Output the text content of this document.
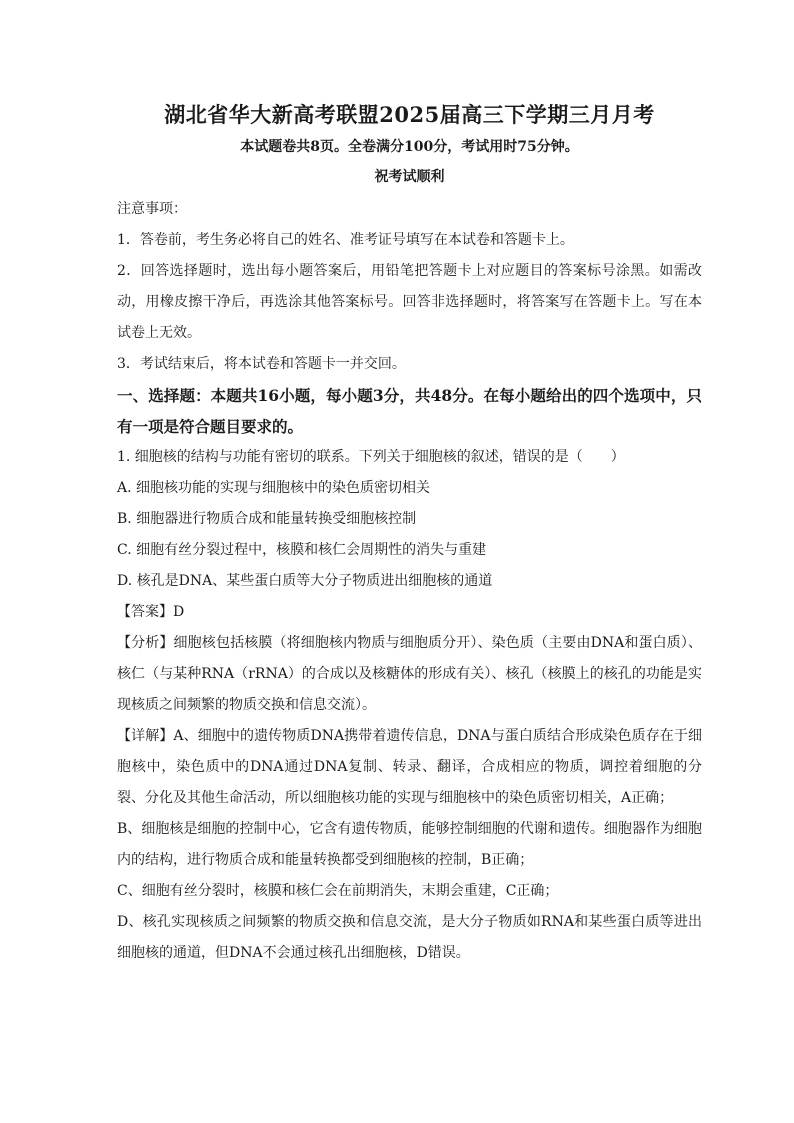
湖北省华大新高考联盟2025届高三下学期三月月考
本试题卷共8页。全卷满分100分，考试用时75分钟。
祝考试顺利

注意事项：

1．答卷前，考生务必将自己的姓名、准考证号填写在本试卷和答题卡上。

2．回答选择题时，选出每小题答案后，用铅笔把答题卡上对应题目的答案标号涂黑。如需改动，用橡皮擦干净后，再选涂其他答案标号。回答非选择题时，将答案写在答题卡上。写在本试卷上无效。

3．考试结束后，将本试卷和答题卡一并交回。

一、选择题：本题共16小题，每小题3分，共48分。在每小题给出的四个选项中，只有一项是符合题目要求的。

1. 细胞核的结构与功能有密切的联系。下列关于细胞核的叙述，错误的是（　　）

A. 细胞核功能的实现与细胞核中的染色质密切相关

B. 细胞器进行物质合成和能量转换受细胞核控制

C. 细胞有丝分裂过程中，核膜和核仁会周期性的消失与重建

D. 核孔是DNA、某些蛋白质等大分子物质进出细胞核的通道

【答案】D

【分析】细胞核包括核膜（将细胞核内物质与细胞质分开）、染色质（主要由DNA和蛋白质）、核仁（与某种RNA（rRNA）的合成以及核糖体的形成有关）、核孔（核膜上的核孔的功能是实现核质之间频繁的物质交换和信息交流）。

【详解】A、细胞中的遗传物质DNA携带着遗传信息，DNA与蛋白质结合形成染色质存在于细胞核中，染色质中的DNA通过DNA复制、转录、翻译，合成相应的物质，调控着细胞的分裂、分化及其他生命活动，所以细胞核功能的实现与细胞核中的染色质密切相关，A正确；

B、细胞核是细胞的控制中心，它含有遗传物质，能够控制细胞的代谢和遗传。细胞器作为细胞内的结构，进行物质合成和能量转换都受到细胞核的控制，B正确；

C、细胞有丝分裂时，核膜和核仁会在前期消失，末期会重建，C正确；

D、核孔实现核质之间频繁的物质交换和信息交流，是大分子物质如RNA和某些蛋白质等进出细胞核的通道，但DNA不会通过核孔出细胞核，D错误。
